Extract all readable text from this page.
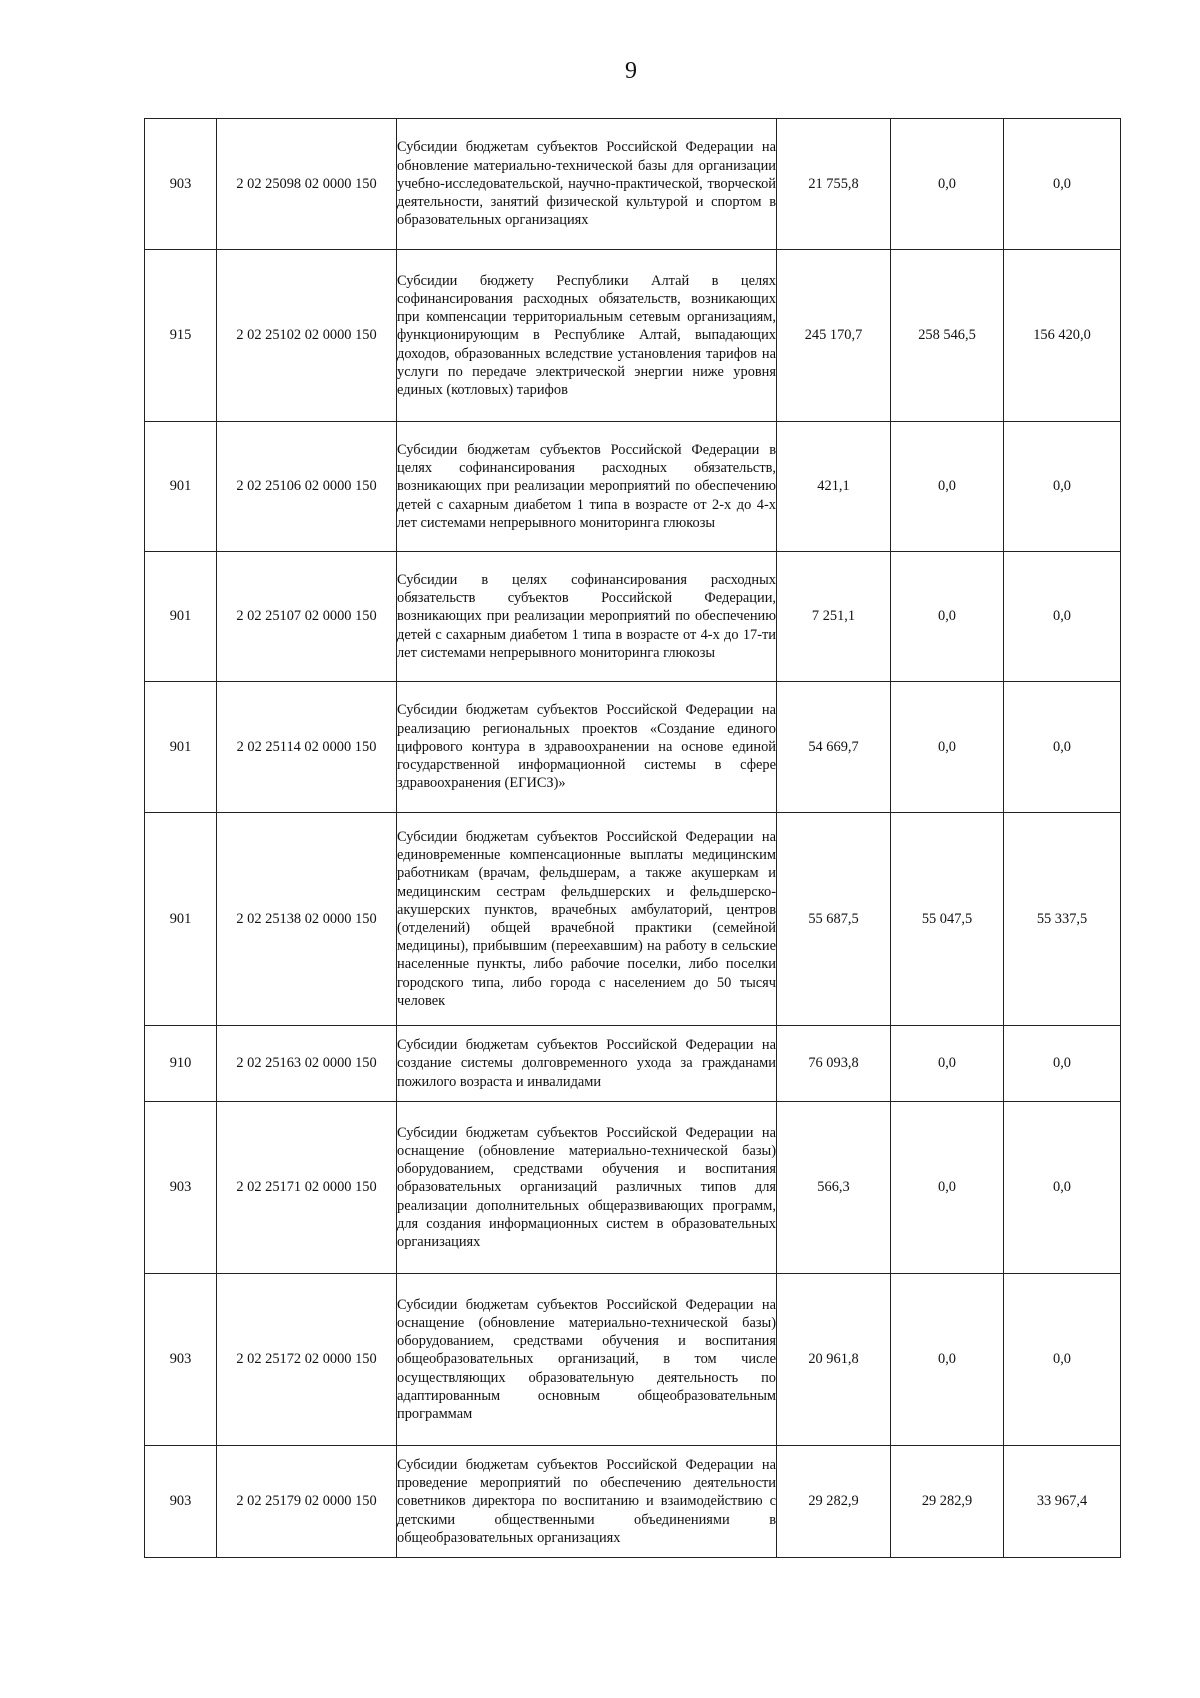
9
903	2 02 25098 02 0000 150	Субсидии бюджетам субъектов Российской Федерации на обновление материально-технической базы для организации учебно-исследовательской, научно-практической, творческой деятельности, занятий физической культурой и спортом в образовательных организациях	21 755,8	0,0	0,0
915	2 02 25102 02 0000 150	Субсидии бюджету Республики Алтай в целях софинансирования расходных обязательств, возникающих при компенсации территориальным сетевым организациям, функционирующим в Республике Алтай, выпадающих доходов, образованных вследствие установления тарифов на услуги по передаче электрической энергии ниже уровня единых (котловых) тарифов	245 170,7	258 546,5	156 420,0
901	2 02 25106 02 0000 150	Субсидии бюджетам субъектов Российской Федерации в целях софинансирования расходных обязательств, возникающих при реализации мероприятий по обеспечению детей с сахарным диабетом 1 типа в возрасте от 2-х до 4-х лет системами непрерывного мониторинга глюкозы	421,1	0,0	0,0
901	2 02 25107 02 0000 150	Субсидии в целях софинансирования расходных обязательств субъектов Российской Федерации, возникающих при реализации мероприятий по обеспечению детей с сахарным диабетом 1 типа в возрасте от 4-х до 17-ти лет системами непрерывного мониторинга глюкозы	7 251,1	0,0	0,0
901	2 02 25114 02 0000 150	Субсидии бюджетам субъектов Российской Федерации на реализацию региональных проектов «Создание единого цифрового контура в здравоохранении на основе единой государственной информационной системы в сфере здравоохранения (ЕГИСЗ)»	54 669,7	0,0	0,0
901	2 02 25138 02 0000 150	Субсидии бюджетам субъектов Российской Федерации на единовременные компенсационные выплаты медицинским работникам (врачам, фельдшерам, а также акушеркам и медицинским сестрам фельдшерских и фельдшерско-акушерских пунктов, врачебных амбулаторий, центров (отделений) общей врачебной практики (семейной медицины), прибывшим (переехавшим) на работу в сельские населенные пункты, либо рабочие поселки, либо поселки городского типа, либо города с населением до 50 тысяч человек	55 687,5	55 047,5	55 337,5
910	2 02 25163 02 0000 150	Субсидии бюджетам субъектов Российской Федерации на создание системы долговременного ухода за гражданами пожилого возраста и инвалидами	76 093,8	0,0	0,0
903	2 02 25171 02 0000 150	Субсидии бюджетам субъектов Российской Федерации на оснащение (обновление материально-технической базы) оборудованием, средствами обучения и воспитания образовательных организаций различных типов для реализации дополнительных общеразвивающих программ, для создания информационных систем в образовательных организациях	566,3	0,0	0,0
903	2 02 25172 02 0000 150	Субсидии бюджетам субъектов Российской Федерации на оснащение (обновление материально-технической базы) оборудованием, средствами обучения и воспитания общеобразовательных организаций, в том числе осуществляющих образовательную деятельность по адаптированным основным общеобразовательным программам	20 961,8	0,0	0,0
903	2 02 25179 02 0000 150	Субсидии бюджетам субъектов Российской Федерации на проведение мероприятий по обеспечению деятельности советников директора по воспитанию и взаимодействию с детскими общественными объединениями в общеобразовательных организациях	29 282,9	29 282,9	33 967,4
